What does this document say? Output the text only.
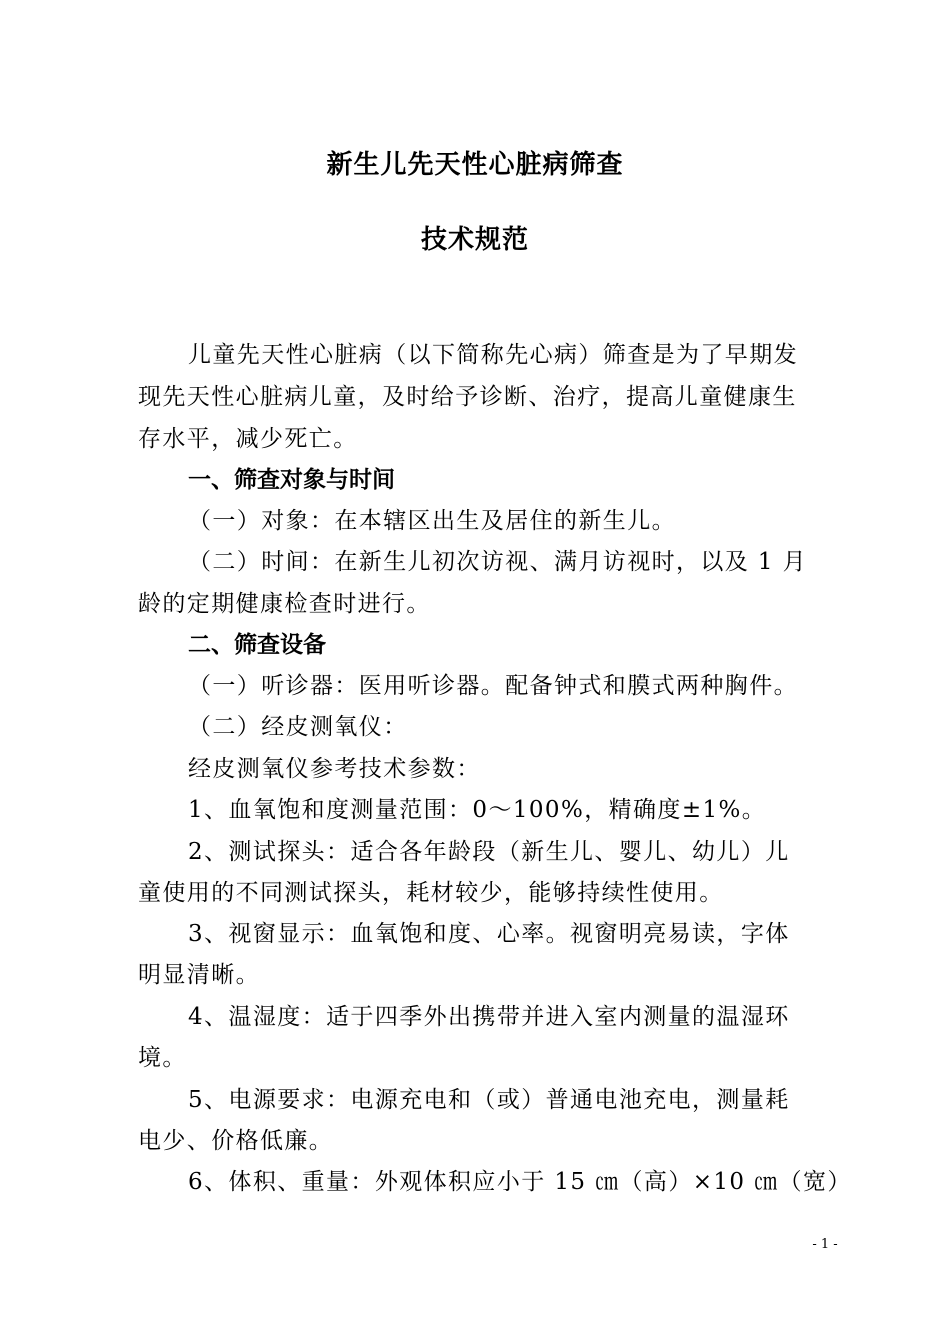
新生儿先天性心脏病筛查
技术规范
儿童先天性心脏病（以下简称先心病）筛查是为了早期发
现先天性心脏病儿童，及时给予诊断、治疗，提高儿童健康生
存水平，减少死亡。
一、筛查对象与时间
（一）对象：在本辖区出生及居住的新生儿。
（二）时间：在新生儿初次访视、满月访视时，以及 1 月
龄的定期健康检查时进行。
二、筛查设备
（一）听诊器：医用听诊器。配备钟式和膜式两种胸件。
（二）经皮测氧仪：
经皮测氧仪参考技术参数：
1、血氧饱和度测量范围：0～100%，精确度±1%。
2、测试探头：适合各年龄段（新生儿、婴儿、幼儿）儿
童使用的不同测试探头，耗材较少，能够持续性使用。
3、视窗显示：血氧饱和度、心率。视窗明亮易读，字体
明显清晰。
4、温湿度：适于四季外出携带并进入室内测量的温湿环
境。
5、电源要求：电源充电和（或）普通电池充电，测量耗
电少、价格低廉。
6、体积、重量：外观体积应小于 15 ㎝（高）×10 ㎝（宽）
- 1 -
